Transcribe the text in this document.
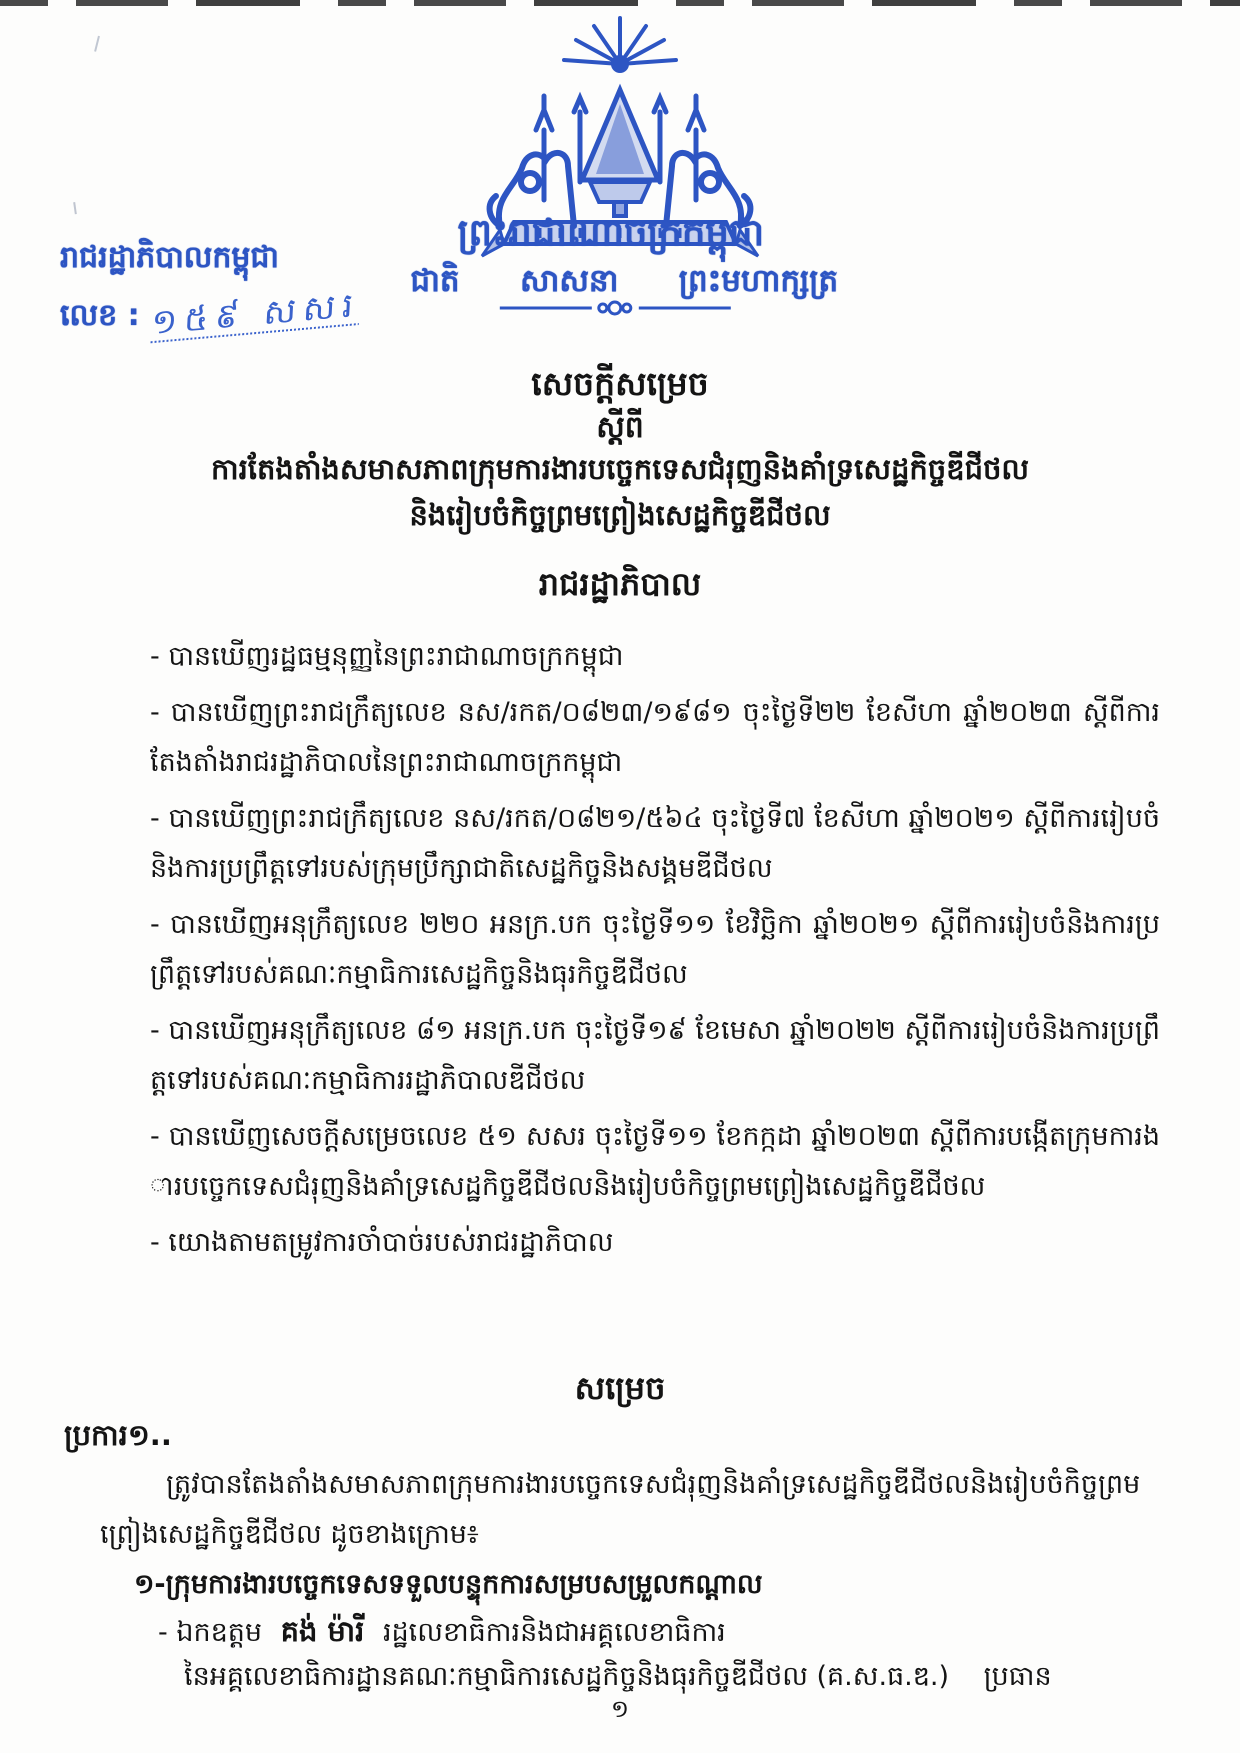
ព្រះរាជាណាចក្រកម្ពុជា
ជាតិ សាសនា ព្រះមហាក្សត្រ
រាជរដ្ឋាភិបាលកម្ពុជា
លេខ : ១៥៩ សសរ
សេចក្តីសម្រេច
ស្តីពី
ការតែងតាំងសមាសភាពក្រុមការងារបច្ចេកទេសជំរុញនិងគាំទ្រសេដ្ឋកិច្ចឌីជីថល
និងរៀបចំកិច្ចព្រមព្រៀងសេដ្ឋកិច្ចឌីជីថល
រាជរដ្ឋាភិបាល
- បានឃើញរដ្ឋធម្មនុញ្ញនៃព្រះរាជាណាចក្រកម្ពុជា
- បានឃើញព្រះរាជក្រឹត្យលេខ នស/រកត/០៨២៣/១៩៨១ ចុះថ្ងៃទី២២ ខែសីហា ឆ្នាំ២០២៣ ស្តីពីការតែងតាំងរាជរដ្ឋាភិបាលនៃព្រះរាជាណាចក្រកម្ពុជា
- បានឃើញព្រះរាជក្រឹត្យលេខ នស/រកត/០៨២១/៥៦៤ ចុះថ្ងៃទី៧ ខែសីហា ឆ្នាំ២០២១ ស្តីពីការរៀបចំនិងការប្រព្រឹត្តទៅរបស់ក្រុមប្រឹក្សាជាតិសេដ្ឋកិច្ចនិងសង្គមឌីជីថល
- បានឃើញអនុក្រឹត្យលេខ ២២០ អនក្រ.បក ចុះថ្ងៃទី១១ ខែវិច្ឆិកា ឆ្នាំ២០២១ ស្តីពីការរៀបចំនិងការប្រព្រឹត្តទៅរបស់គណៈកម្មាធិការសេដ្ឋកិច្ចនិងធុរកិច្ចឌីជីថល
- បានឃើញអនុក្រឹត្យលេខ ៨១ អនក្រ.បក ចុះថ្ងៃទី១៩ ខែមេសា ឆ្នាំ២០២២ ស្តីពីការរៀបចំនិងការប្រព្រឹត្តទៅរបស់គណៈកម្មាធិការរដ្ឋាភិបាលឌីជីថល
- បានឃើញសេចក្តីសម្រេចលេខ ៥១ សសរ ចុះថ្ងៃទី១១ ខែកក្កដា ឆ្នាំ២០២៣ ស្តីពីការបង្កើតក្រុមការងារបច្ចេកទេសជំរុញនិងគាំទ្រសេដ្ឋកិច្ចឌីជីថលនិងរៀបចំកិច្ចព្រមព្រៀងសេដ្ឋកិច្ចឌីជីថល
- យោងតាមតម្រូវការចាំបាច់របស់រាជរដ្ឋាភិបាល
សម្រេច
ប្រការ១..
ត្រូវបានតែងតាំងសមាសភាពក្រុមការងារបច្ចេកទេសជំរុញនិងគាំទ្រសេដ្ឋកិច្ចឌីជីថលនិងរៀបចំកិច្ចព្រមព្រៀងសេដ្ឋកិច្ចឌីជីថល ដូចខាងក្រោម៖
១-ក្រុមការងារបច្ចេកទេសទទួលបន្ទុកការសម្របសម្រួលកណ្តាល
- ឯកឧត្តម គង់ ម៉ារី រដ្ឋលេខាធិការនិងជាអគ្គលេខាធិការ
នៃអគ្គលេខាធិការដ្ឋានគណៈកម្មាធិការសេដ្ឋកិច្ចនិងធុរកិច្ចឌីជីថល (គ.ស.ធ.ឌ.) ប្រធាន
១
